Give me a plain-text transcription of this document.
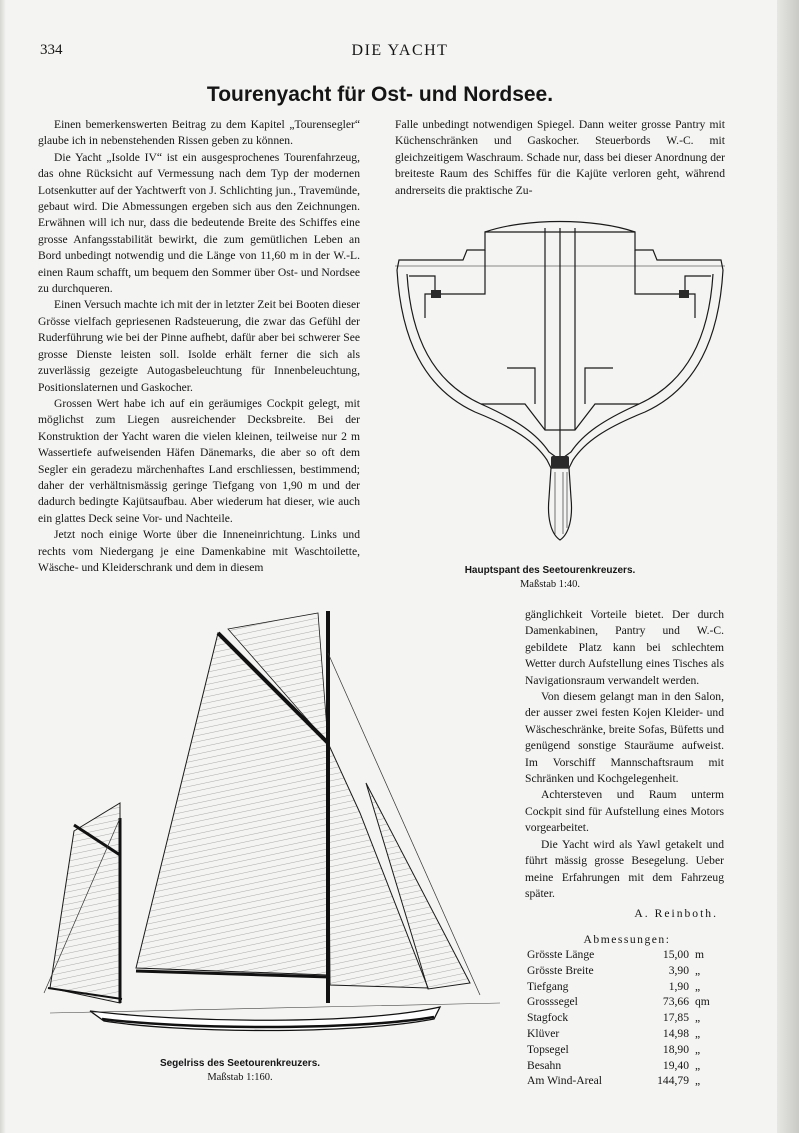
334	DIE YACHT
Tourenyacht für Ost- und Nordsee.

Einen bemerkenswerten Beitrag zu dem Kapitel „Tourensegler“ glaube ich in nebenstehenden Rissen geben zu können.

Die Yacht „Isolde IV“ ist ein ausgesprochenes Tourenfahrzeug, das ohne Rücksicht auf Vermessung nach dem Typ der modernen Lotsenkutter auf der Yachtwerft von J. Schlichting jun., Travemünde, gebaut wird. Die Abmessungen ergeben sich aus den Zeichnungen. Erwähnen will ich nur, dass die bedeutende Breite des Schiffes eine grosse Anfangsstabilität bewirkt, die zum gemütlichen Leben an Bord unbedingt notwendig und die Länge von 11,60 m in der W.-L. einen Raum schafft, um bequem den Sommer über Ost- und Nordsee zu durchqueren.

Einen Versuch machte ich mit der in letzter Zeit bei Booten dieser Grösse vielfach gepriesenen Radsteuerung, die zwar das Gefühl der Ruderführung wie bei der Pinne aufhebt, dafür aber bei schwerer See grosse Dienste leisten soll. Isolde erhält ferner die sich als zuverlässig gezeigte Autogasbeleuchtung für Innenbeleuchtung, Positionslaternen und Gaskocher.

Grossen Wert habe ich auf ein geräumiges Cockpit gelegt, mit möglichst zum Liegen ausreichender Decksbreite. Bei der Konstruktion der Yacht waren die vielen kleinen, teilweise nur 2 m Wassertiefe aufweisenden Häfen Dänemarks, die aber so oft dem Segler ein geradezu märchenhaftes Land erschliessen, bestimmend; daher der verhältnismässig geringe Tiefgang von 1,90 m und der dadurch bedingte Kajütsaufbau. Aber wiederum hat dieser, wie auch ein glattes Deck seine Vor- und Nachteile.

Jetzt noch einige Worte über die Inneneinrichtung. Links und rechts vom Niedergang je eine Damenkabine mit Waschtoilette, Wäsche- und Kleiderschrank und dem in diesem

Falle unbedingt notwendigen Spiegel. Dann weiter grosse Pantry mit Küchenschränken und Gaskocher. Steuerbords W.-C. mit gleichzeitigem Waschraum. Schade nur, dass bei dieser Anordnung der breiteste Raum des Schiffes für die Kajüte verloren geht, während andrerseits die praktische Zu-

Hauptspant des Seetourenkreuzers.
Maßstab 1:40.
Segelriss des Seetourenkreuzers.
Maßstab 1:160.

gänglichkeit Vorteile bietet. Der durch Damenkabinen, Pantry und W.-C. gebildete Platz kann bei schlechtem Wetter durch Aufstellung eines Tisches als Navigationsraum verwandelt werden.

Von diesem gelangt man in den Salon, der ausser zwei festen Kojen Kleider- und Wäscheschränke, breite Sofas, Büfetts und genügend sonstige Stauräume aufweist. Im Vorschiff Mannschaftsraum mit Schränken und Kochgelegenheit.

Achtersteven und Raum unterm Cockpit sind für Aufstellung eines Motors vorgearbeitet.

Die Yacht wird als Yawl getakelt und führt mässig grosse Besegelung. Ueber meine Erfahrungen mit dem Fahrzeug später.

A. Reinboth.
Abmessungen:
Grösste Länge	15,00 m
Grösste Breite	3,90 „
Tiefgang	1,90 „
Grosssegel	73,66 qm
Stagfock	17,85 „
Klüver	14,98 „
Topsegel	18,90 „
Besahn	19,40 „
Am Wind-Areal	144,79 „
